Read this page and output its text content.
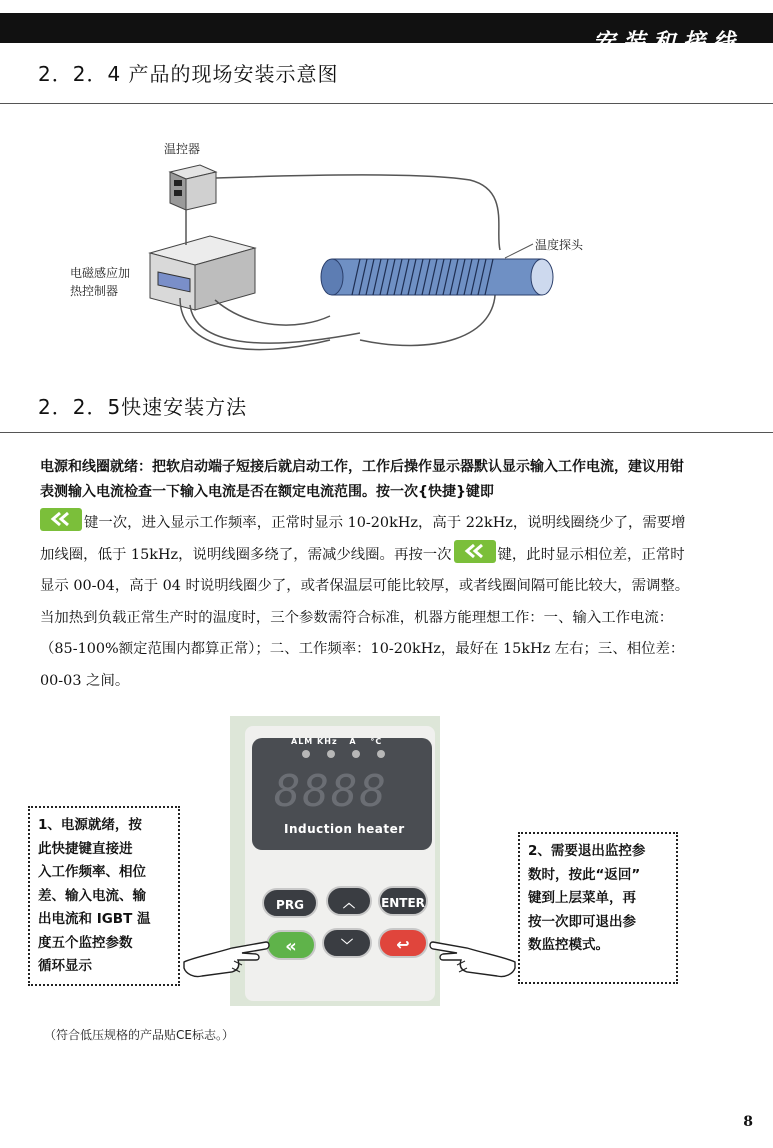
安装和接线
2．2．4 产品的现场安装示意图
温控器
电磁感应加
热控制器
温度探头
2．2．5快速安装方法
电源和线圈就绪：把软启动端子短接后就启动工作，工作后操作显示器默认显示输入工作电流，建议用钳表测输入电流检查一下输入电流是否在额定电流范围。按一次{快捷}键即
键一次，进入显示工作频率，正常时显示 10-20kHz，高于 22kHz，说明线圈绕少了，需要增加线圈，低于 15kHz，说明线圈多绕了，需减少线圈。再按一次	键，此时显示相位差，正常时显示 00-04，高于 04 时说明线圈少了，或者保温层可能比较厚，或者线圈间隔可能比较大，需调整。当加热到负载正常生产时的温度时，三个参数需符合标准，机器方能理想工作：一、输入工作电流：（85-100%额定范围内都算正常）；二、工作频率：10-20kHz，最好在 15kHz 左右；三、相位差：00-03 之间。
ALM KHz A °C
8888
Induction heater
PRG	︿	ENTER
«	﹀	↩
1、电源就绪，按
此快捷键直接进
入工作频率、相位
差、输入电流、输
出电流和 IGBT 温
度五个监控参数
循环显示
2、需要退出监控参
数时，按此“返回”
键到上层菜单，再
按一次即可退出参
数监控模式。
（符合低压规格的产品贴CE标志。）
8
